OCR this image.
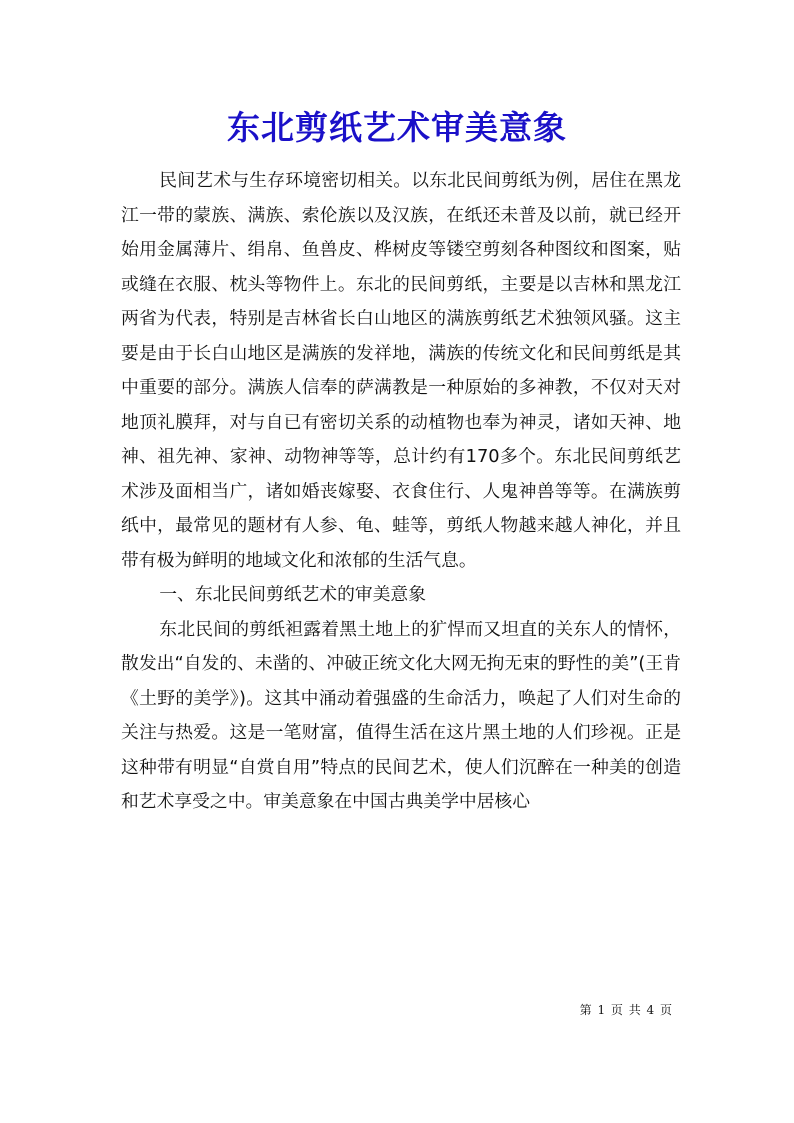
东北剪纸艺术审美意象

民间艺术与生存环境密切相关。以东北民间剪纸为例，居住在黑龙江一带的蒙族、满族、索伦族以及汉族，在纸还未普及以前，就已经开始用金属薄片、绢帛、鱼兽皮、桦树皮等镂空剪刻各种图纹和图案，贴或缝在衣服、枕头等物件上。东北的民间剪纸，主要是以吉林和黑龙江两省为代表，特别是吉林省长白山地区的满族剪纸艺术独领风骚。这主要是由于长白山地区是满族的发祥地，满族的传统文化和民间剪纸是其中重要的部分。满族人信奉的萨满教是一种原始的多神教，不仅对天对地顶礼膜拜，对与自已有密切关系的动植物也奉为神灵，诸如天神、地神、祖先神、家神、动物神等等，总计约有170多个。东北民间剪纸艺术涉及面相当广，诸如婚丧嫁娶、衣食住行、人鬼神兽等等。在满族剪纸中，最常见的题材有人参、龟、蛙等，剪纸人物越来越人神化，并且带有极为鲜明的地域文化和浓郁的生活气息。

一、东北民间剪纸艺术的审美意象

东北民间的剪纸袒露着黑土地上的犷悍而又坦直的关东人的情怀，散发出“自发的、未凿的、冲破正统文化大网无拘无束的野性的美”(王肯《土野的美学》)。这其中涌动着强盛的生命活力，唤起了人们对生命的关注与热爱。这是一笔财富，值得生活在这片黑土地的人们珍视。正是这种带有明显“自赏自用”特点的民间艺术，使人们沉醉在一种美的创造和艺术享受之中。审美意象在中国古典美学中居核心

第 1 页 共 4 页
